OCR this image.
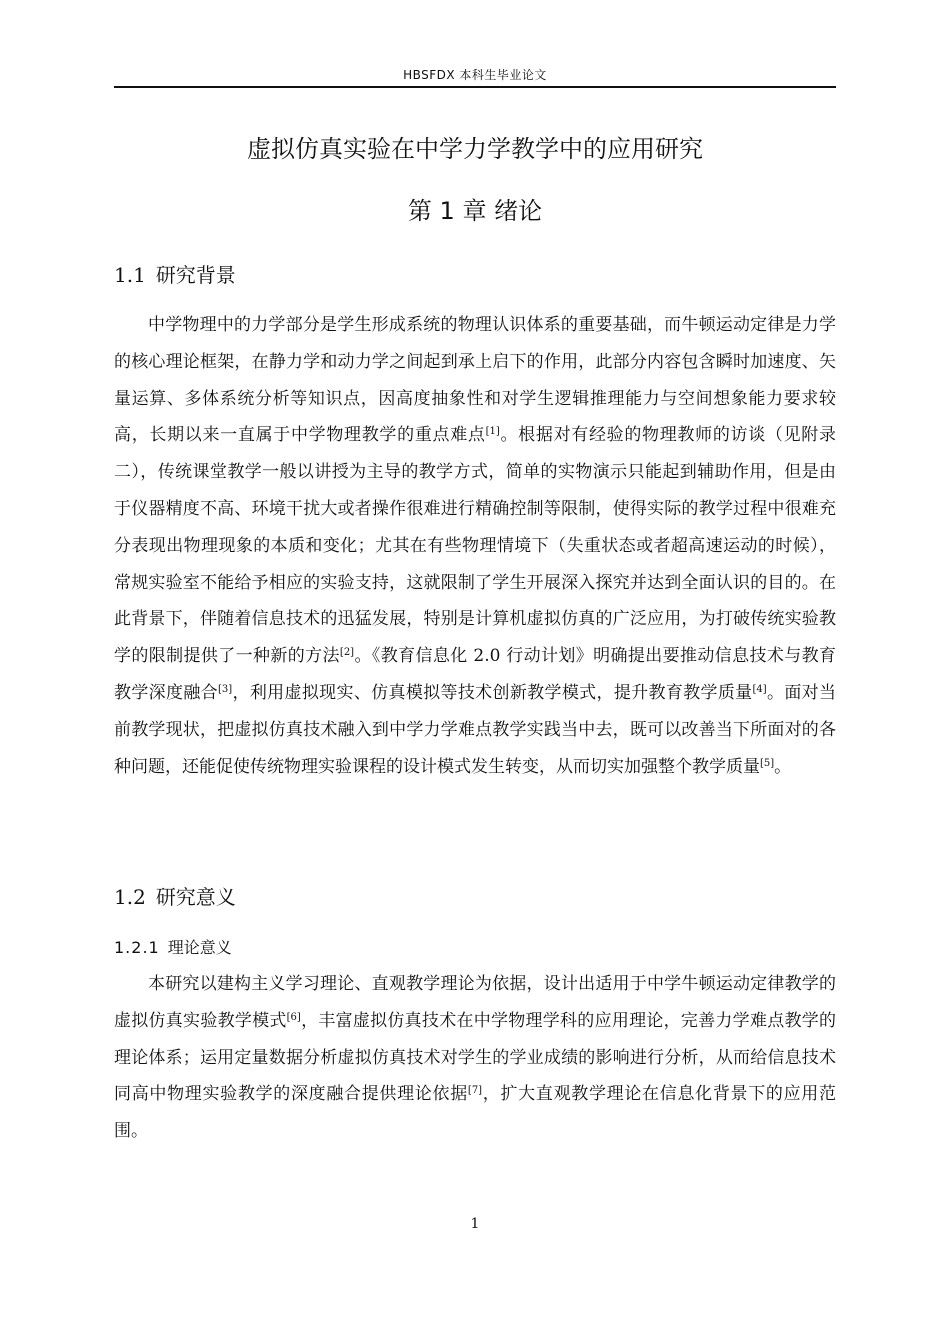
HBSFDX 本科生毕业论文
虚拟仿真实验在中学力学教学中的应用研究
第 1 章 绪论
1.1 研究背景

中学物理中的力学部分是学生形成系统的物理认识体系的重要基础，而牛顿运动定律是力学的核心理论框架，在静力学和动力学之间起到承上启下的作用，此部分内容包含瞬时加速度、矢量运算、多体系统分析等知识点，因高度抽象性和对学生逻辑推理能力与空间想象能力要求较高，长期以来一直属于中学物理教学的重点难点[1]。根据对有经验的物理教师的访谈（见附录二），传统课堂教学一般以讲授为主导的教学方式，简单的实物演示只能起到辅助作用，但是由于仪器精度不高、环境干扰大或者操作很难进行精确控制等限制，使得实际的教学过程中很难充分表现出物理现象的本质和变化；尤其在有些物理情境下（失重状态或者超高速运动的时候），常规实验室不能给予相应的实验支持，这就限制了学生开展深入探究并达到全面认识的目的。在此背景下，伴随着信息技术的迅猛发展，特别是计算机虚拟仿真的广泛应用，为打破传统实验教学的限制提供了一种新的方法[2]。《教育信息化 2.0 行动计划》明确提出要推动信息技术与教育教学深度融合[3]，利用虚拟现实、仿真模拟等技术创新教学模式，提升教育教学质量[4]。面对当前教学现状，把虚拟仿真技术融入到中学力学难点教学实践当中去，既可以改善当下所面对的各种问题，还能促使传统物理实验课程的设计模式发生转变，从而切实加强整个教学质量[5]。

1.2 研究意义
1.2.1 理论意义

本研究以建构主义学习理论、直观教学理论为依据，设计出适用于中学牛顿运动定律教学的虚拟仿真实验教学模式[6]，丰富虚拟仿真技术在中学物理学科的应用理论，完善力学难点教学的理论体系；运用定量数据分析虚拟仿真技术对学生的学业成绩的影响进行分析，从而给信息技术同高中物理实验教学的深度融合提供理论依据[7]，扩大直观教学理论在信息化背景下的应用范围。

1
